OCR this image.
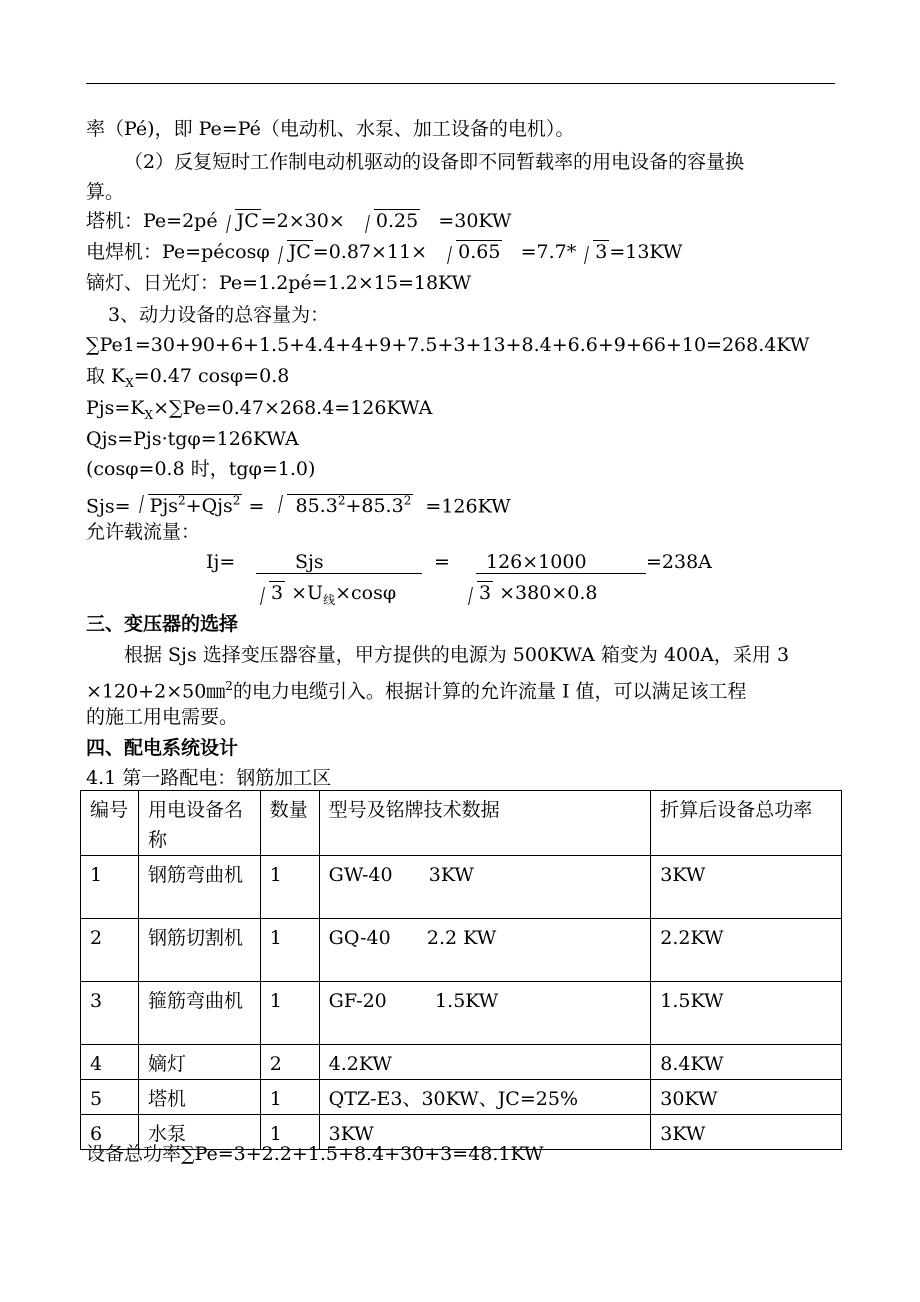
率（Pé)，即 Pe=Pé（电动机、水泵、加工设备的电机）。
（2）反复短时工作制电动机驱动的设备即不同暂载率的用电设备的容量换
算。
塔机：Pe=2pé JC =2×30× 0.25 =30KW
电焊机：Pe=pécosφ JC =0.87×11× 0.65 =7.7* 3 =13KW
镝灯、日光灯：Pe=1.2pé=1.2×15=18KW
3、动力设备的总容量为：
∑Pe1=30+90+6+1.5+4.4+4+9+7.5+3+13+8.4+6.6+9+66+10=268.4KW
取 $K_X=0.47$ cosφ=0.8
$Pjs=K_X\times\sum Pe=0.47\times 268.4=126KWA$
Qjs=Pjs·tgφ=126KWA
(cosφ=0.8 时，tgφ=1.0)
$Sjs= Pjs^2+Qjs^2 = 85.3^2+85.3^2 =126KW$
允许载流量：
Ij=	Sjs	= 126×1000	=238A
$3 \times U_线\times\cos\varphi$	3 ×380×0.8
三、变压器的选择
根据 Sjs 选择变压器容量，甲方提供的电源为 500KWA 箱变为 400A，采用 3
×120+2×50㎜$^2$的电力电缆引入。根据计算的允许流量 I 值，可以满足该工程
的施工用电需要。
四、配电系统设计
4.1 第一路配电：钢筋加工区
编号	用电设备名称	数量	型号及铭牌技术数据	折算后设备总功率
1	钢筋弯曲机	1	GW-40      3KW	3KW
2	钢筋切割机	1	GQ-40      2.2 KW	2.2KW
3	箍筋弯曲机	1	GF-20        1.5KW	1.5KW
4	嫡灯	2	4.2KW	8.4KW
5	塔机	1	QTZ-E3、30KW、JC=25%	30KW
6	水泵	1	3KW	3KW
设备总功率∑Pe=3+2.2+1.5+8.4+30+3=48.1KW
